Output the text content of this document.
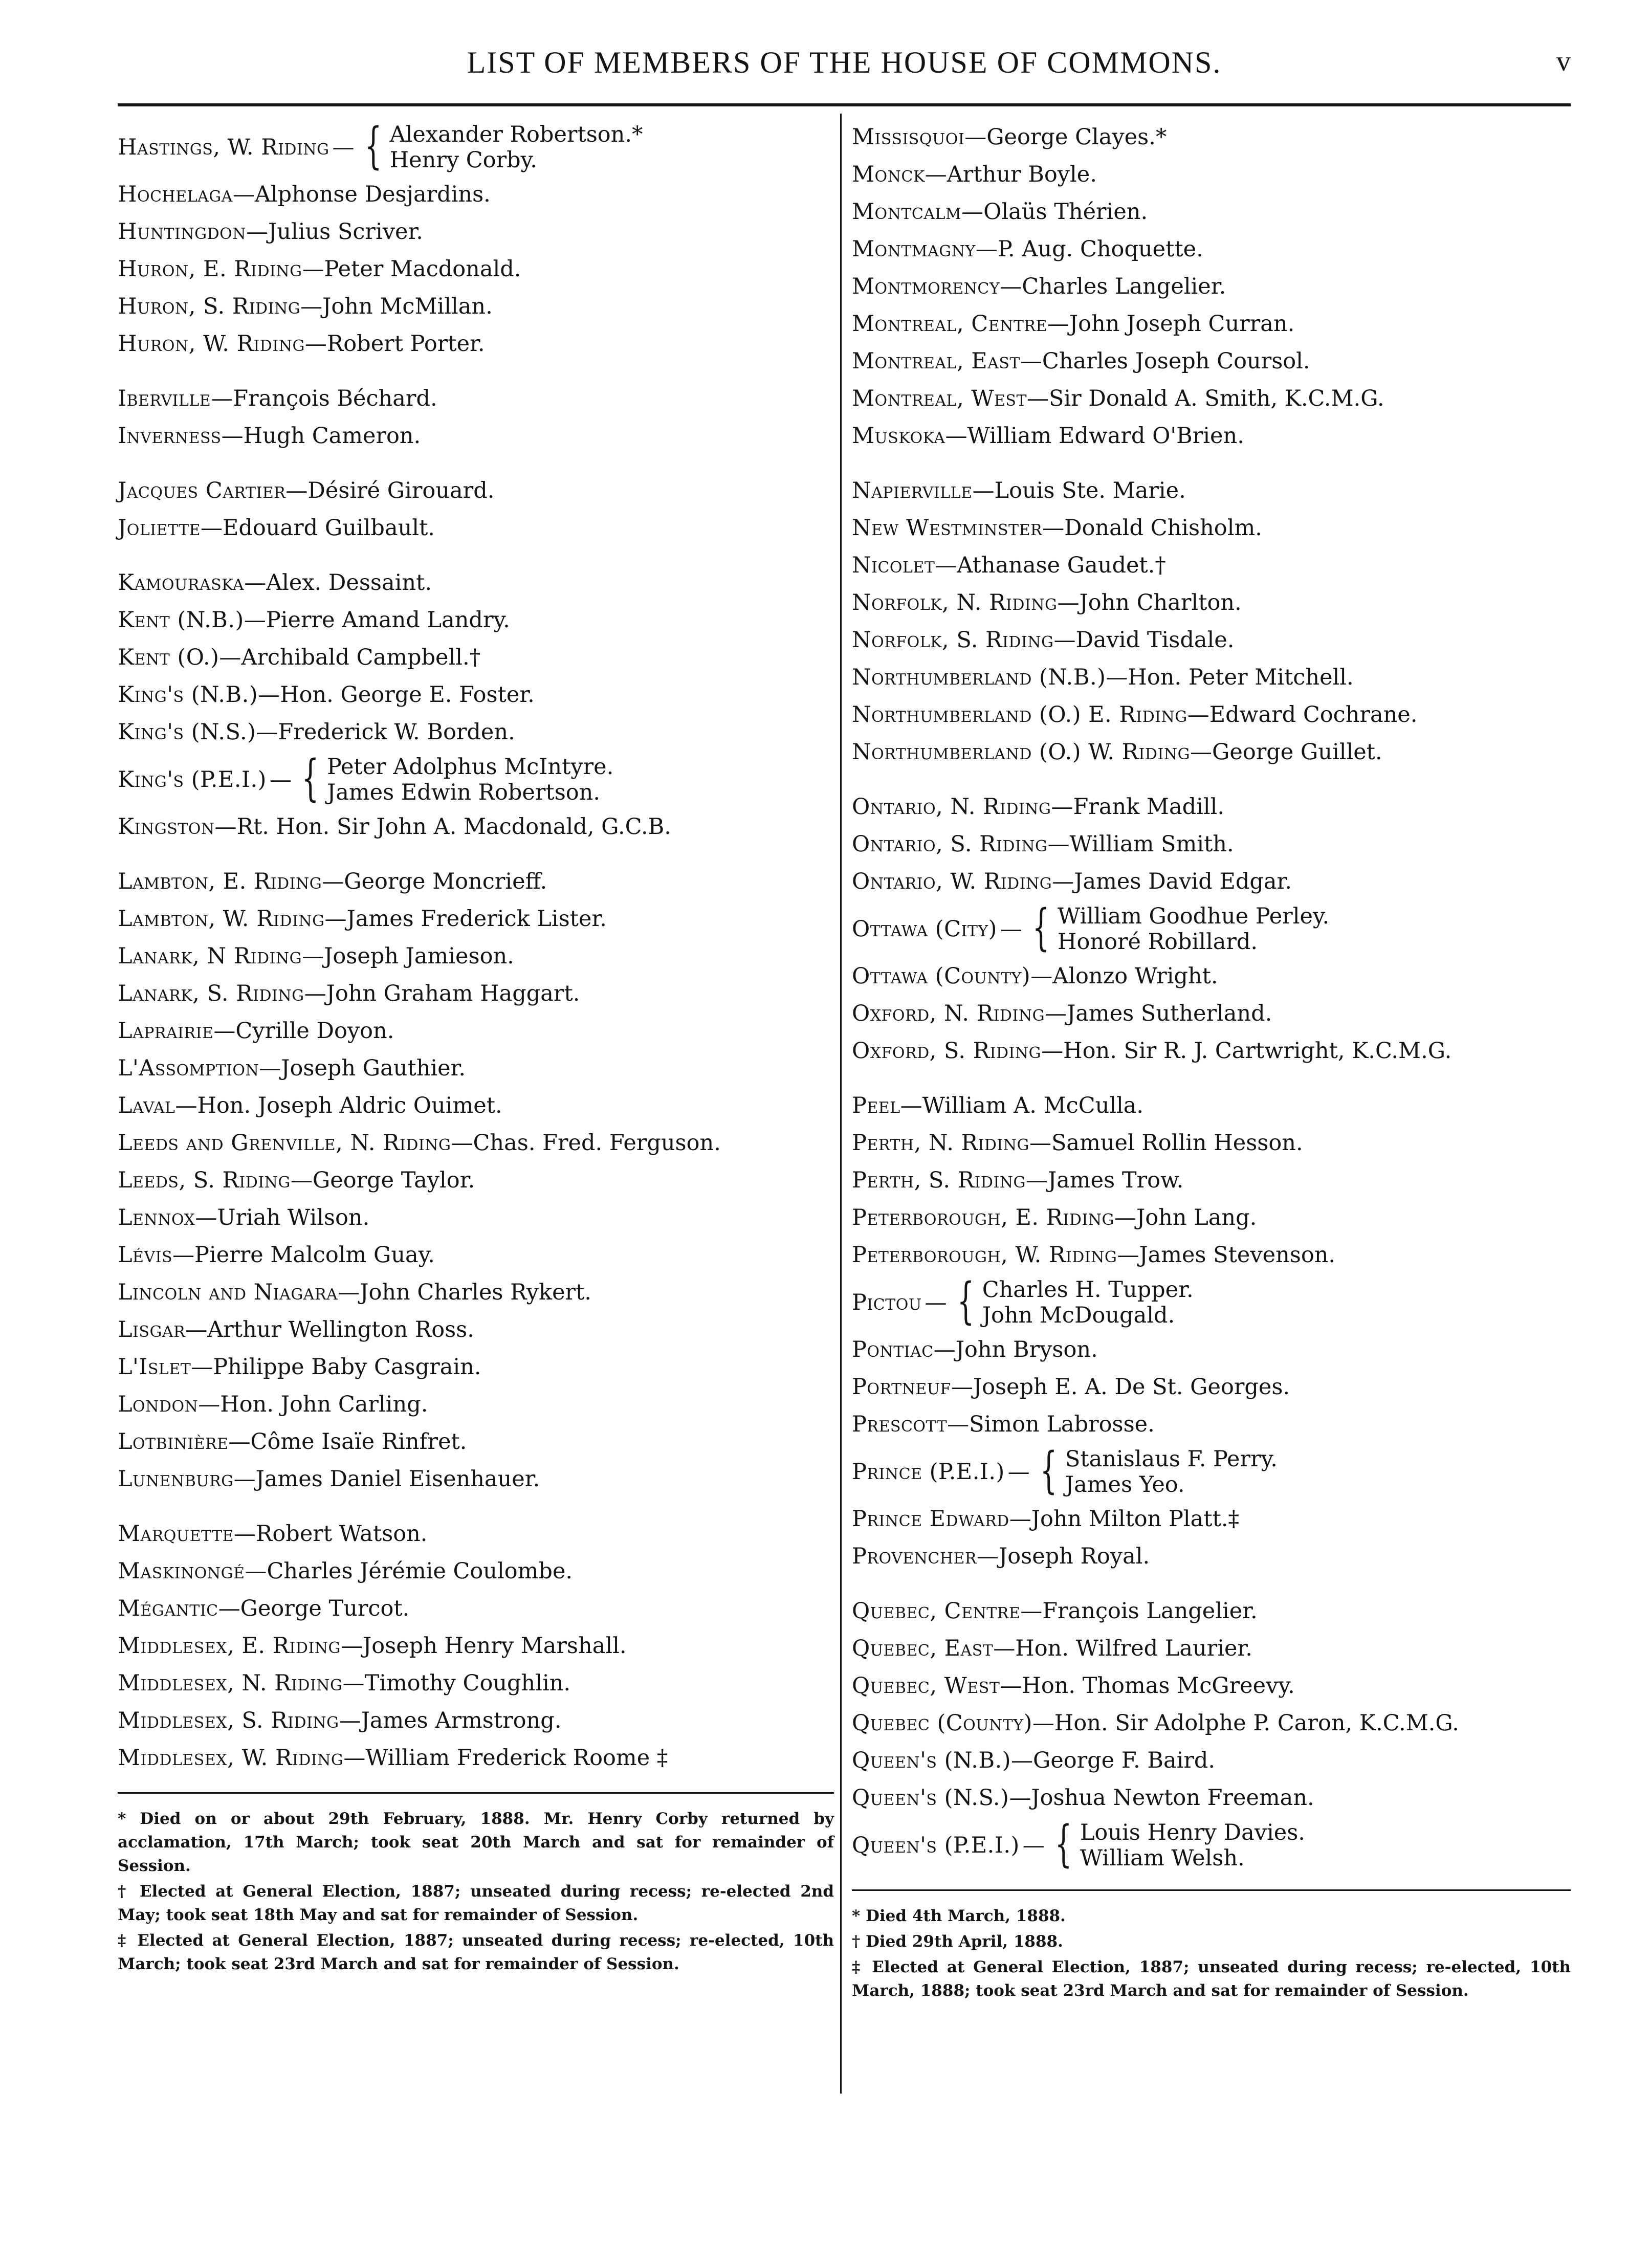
LIST OF MEMBERS OF THE HOUSE OF COMMONS.	v
Hastings, W. Riding — { Alexander Robertson.*
Henry Corby.
Hochelaga—Alphonse Desjardins.
Huntingdon—Julius Scriver.
Huron, E. Riding—Peter Macdonald.
Huron, S. Riding—John McMillan.
Huron, W. Riding—Robert Porter.
Iberville—François Béchard.
Inverness—Hugh Cameron.
Jacques Cartier—Désiré Girouard.
Joliette—Edouard Guilbault.
Kamouraska—Alex. Dessaint.
Kent (N.B.)—Pierre Amand Landry.
Kent (O.)—Archibald Campbell.†
King's (N.B.)—Hon. George E. Foster.
King's (N.S.)—Frederick W. Borden.
King's (P.E.I.) — { Peter Adolphus McIntyre.
James Edwin Robertson.
Kingston—Rt. Hon. Sir John A. Macdonald, G.C.B.
Lambton, E. Riding—George Moncrieff.
Lambton, W. Riding—James Frederick Lister.
Lanark, N Riding—Joseph Jamieson.
Lanark, S. Riding—John Graham Haggart.
Laprairie—Cyrille Doyon.
L'Assomption—Joseph Gauthier.
Laval—Hon. Joseph Aldric Ouimet.
Leeds and Grenville, N. Riding—Chas. Fred. Ferguson.
Leeds, S. Riding—George Taylor.
Lennox—Uriah Wilson.
Lévis—Pierre Malcolm Guay.
Lincoln and Niagara—John Charles Rykert.
Lisgar—Arthur Wellington Ross.
L'Islet—Philippe Baby Casgrain.
London—Hon. John Carling.
Lotbinière—Côme Isaïe Rinfret.
Lunenburg—James Daniel Eisenhauer.
Marquette—Robert Watson.
Maskinongé—Charles Jérémie Coulombe.
Mégantic—George Turcot.
Middlesex, E. Riding—Joseph Henry Marshall.
Middlesex, N. Riding—Timothy Coughlin.
Middlesex, S. Riding—James Armstrong.
Middlesex, W. Riding—William Frederick Roome ‡
* Died on or about 29th February, 1888. Mr. Henry Corby returned by acclamation, 17th March; took seat 20th March and sat for remainder of Session.
† Elected at General Election, 1887; unseated during recess; re-elected 2nd May; took seat 18th May and sat for remainder of Session.
‡ Elected at General Election, 1887; unseated during recess; re-elected, 10th March; took seat 23rd March and sat for remainder of Session.
Missisquoi—George Clayes.*
Monck—Arthur Boyle.
Montcalm—Olaüs Thérien.
Montmagny—P. Aug. Choquette.
Montmorency—Charles Langelier.
Montreal, Centre—John Joseph Curran.
Montreal, East—Charles Joseph Coursol.
Montreal, West—Sir Donald A. Smith, K.C.M.G.
Muskoka—William Edward O'Brien.
Napierville—Louis Ste. Marie.
New Westminster—Donald Chisholm.
Nicolet—Athanase Gaudet.†
Norfolk, N. Riding—John Charlton.
Norfolk, S. Riding—David Tisdale.
Northumberland (N.B.)—Hon. Peter Mitchell.
Northumberland (O.) E. Riding—Edward Cochrane.
Northumberland (O.) W. Riding—George Guillet.
Ontario, N. Riding—Frank Madill.
Ontario, S. Riding—William Smith.
Ontario, W. Riding—James David Edgar.
Ottawa (City) — { William Goodhue Perley.
Honoré Robillard.
Ottawa (County)—Alonzo Wright.
Oxford, N. Riding—James Sutherland.
Oxford, S. Riding—Hon. Sir R. J. Cartwright, K.C.M.G.
Peel—William A. McCulla.
Perth, N. Riding—Samuel Rollin Hesson.
Perth, S. Riding—James Trow.
Peterborough, E. Riding—John Lang.
Peterborough, W. Riding—James Stevenson.
Pictou — { Charles H. Tupper.
John McDougald.
Pontiac—John Bryson.
Portneuf—Joseph E. A. De St. Georges.
Prescott—Simon Labrosse.
Prince (P.E.I.) — { Stanislaus F. Perry.
James Yeo.
Prince Edward—John Milton Platt.‡
Provencher—Joseph Royal.
Quebec, Centre—François Langelier.
Quebec, East—Hon. Wilfred Laurier.
Quebec, West—Hon. Thomas McGreevy.
Quebec (County)—Hon. Sir Adolphe P. Caron, K.C.M.G.
Queen's (N.B.)—George F. Baird.
Queen's (N.S.)—Joshua Newton Freeman.
Queen's (P.E.I.) — { Louis Henry Davies.
William Welsh.
* Died 4th March, 1888.
† Died 29th April, 1888.
‡ Elected at General Election, 1887; unseated during recess; re-elected, 10th March, 1888; took seat 23rd March and sat for remainder of Session.
